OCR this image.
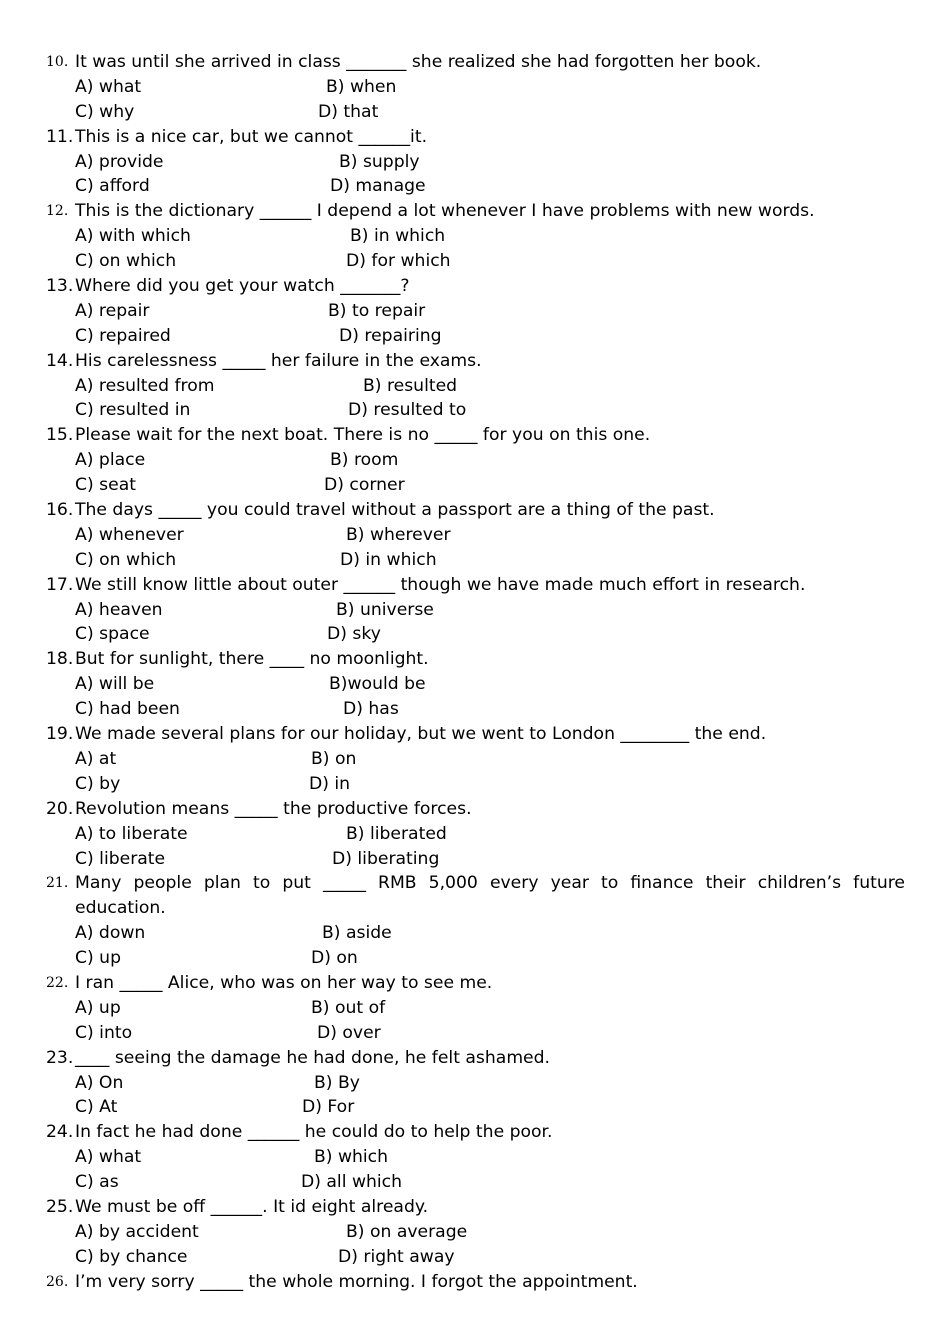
10. It was until she arrived in class _______ she realized she had forgotten her book.
A) what	B) when
C) why	D) that
11. This is a nice car, but we cannot ______it.
A) provide	B) supply
C) afford	D) manage
12. This is the dictionary ______ I depend a lot whenever I have problems with new words.
A) with which	B) in which
C) on which	D) for which
13. Where did you get your watch _______?
A) repair	B) to repair
C) repaired	D) repairing
14. His carelessness _____ her failure in the exams.
A) resulted from	B) resulted
C) resulted in	D) resulted to
15. Please wait for the next boat. There is no _____ for you on this one.
A) place	B) room
C) seat	D) corner
16. The days _____ you could travel without a passport are a thing of the past.
A) whenever	B) wherever
C) on which	D) in which
17. We still know little about outer ______ though we have made much effort in research.
A) heaven	B) universe
C) space	D) sky
18. But for sunlight, there ____ no moonlight.
A) will be	B)would be
C) had been	D) has
19. We made several plans for our holiday, but we went to London ________ the end.
A) at	B) on
C) by	D) in
20. Revolution means _____ the productive forces.
A) to liberate	B) liberated
C) liberate	D) liberating
21. Many people plan to put _____ RMB 5,000 every year to finance their children’s future
education.
A) down	B) aside
C) up	D) on
22. I ran _____ Alice, who was on her way to see me.
A) up	B) out of
C) into	D) over
23. ____ seeing the damage he had done, he felt ashamed.
A) On	B) By
C) At	D) For
24. In fact he had done ______ he could do to help the poor.
A) what	B) which
C) as	D) all which
25. We must be off ______. It id eight already.
A) by accident	B) on average
C) by chance	D) right away
26. I’m very sorry _____ the whole morning. I forgot the appointment.
